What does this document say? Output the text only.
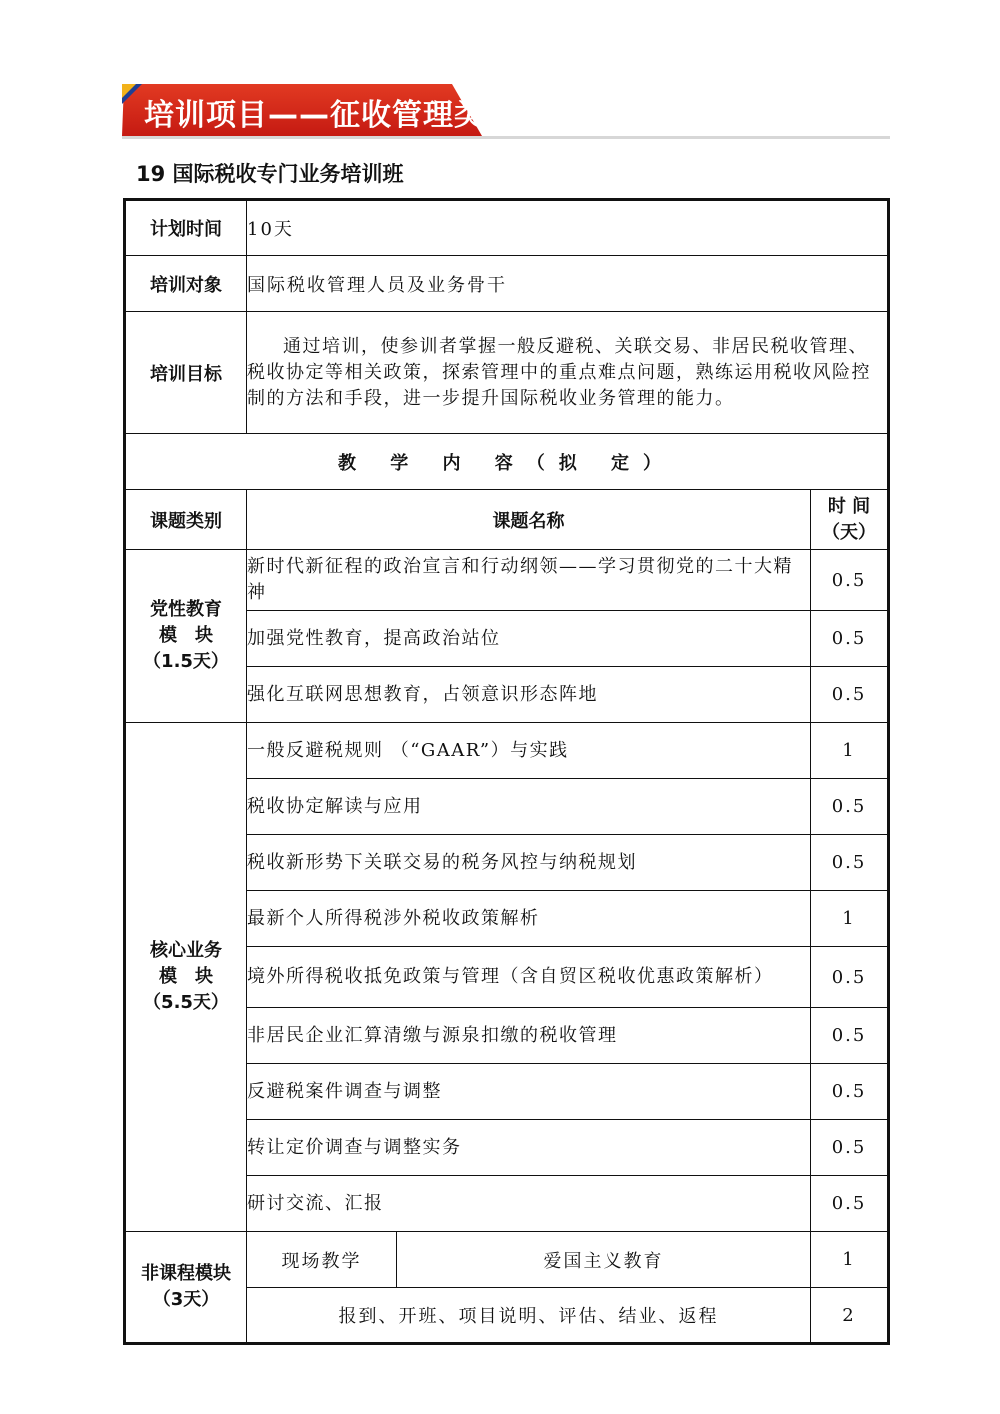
培训项目——征收管理类
19 国际税收专门业务培训班
计划时间	10天		
培训对象	国际税收管理人员及业务骨干		
培训目标	通过培训，使参训者掌握一般反避税、关联交易、非居民税收管理、税收协定等相关政策，探索管理中的重点难点问题，熟练运用税收风险控制的方法和手段，进一步提升国际税收业务管理的能力。		
教 学 内 容（拟 定）			
课题类别	课题名称		时 间
（天）

党性教育
模　块
（1.5天）	新时代新征程的政治宣言和行动纲领——学习贯彻党的二十大精神		0.5
	加强党性教育，提高政治站位		0.5
	强化互联网思想教育，占领意识形态阵地		0.5

核心业务
模　块
（5.5天）	一般反避税规则 （“GAAR”）与实践		1
	税收协定解读与应用		0.5
	税收新形势下关联交易的税务风控与纳税规划		0.5
	最新个人所得税涉外税收政策解析		1
	境外所得税收抵免政策与管理（含自贸区税收优惠政策解析）		0.5
	非居民企业汇算清缴与源泉扣缴的税收管理		0.5
	反避税案件调查与调整		0.5
	转让定价调查与调整实务		0.5
	研讨交流、汇报		0.5

非课程模块
（3天）	现场教学	爱国主义教育	1
	报到、开班、项目说明、评估、结业、返程		2
